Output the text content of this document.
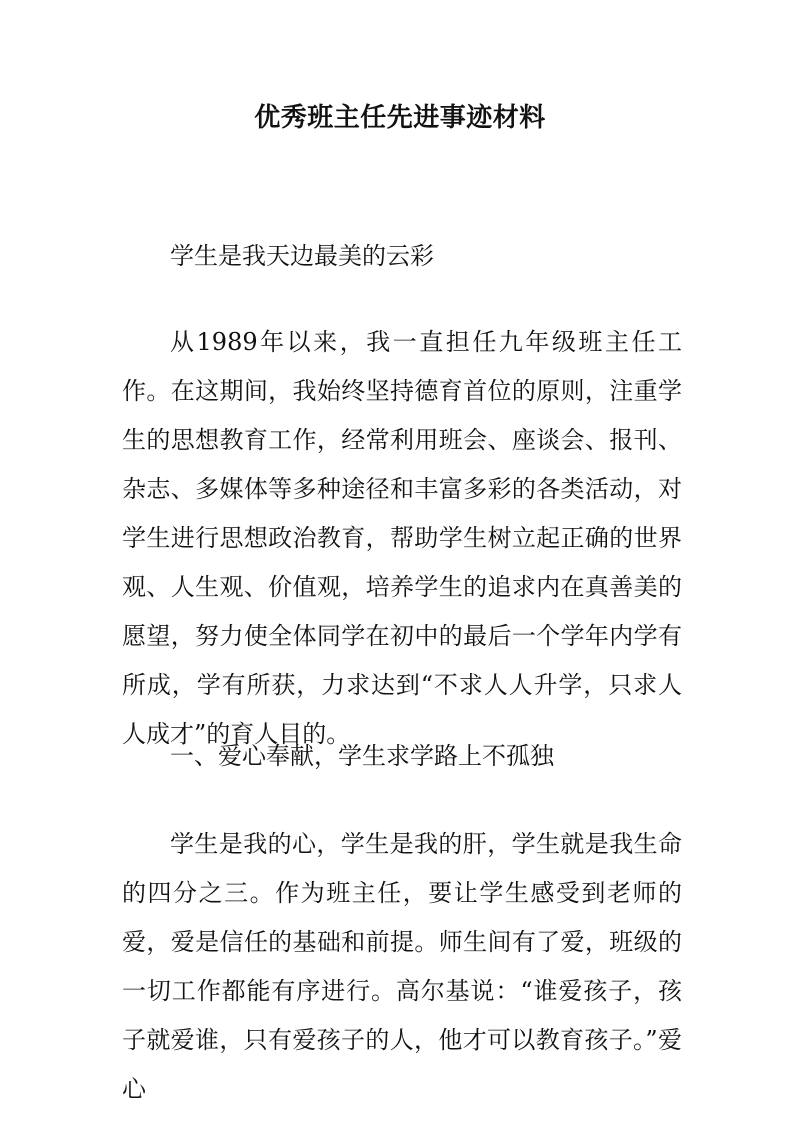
优秀班主任先进事迹材料

学生是我天边最美的云彩

从1989年以来，我一直担任九年级班主任工作。在这期间，我始终坚持德育首位的原则，注重学生的思想教育工作，经常利用班会、座谈会、报刊、杂志、多媒体等多种途径和丰富多彩的各类活动，对学生进行思想政治教育，帮助学生树立起正确的世界观、人生观、价值观，培养学生的追求内在真善美的愿望，努力使全体同学在初中的最后一个学年内学有所成，学有所获，力求达到“不求人人升学，只求人人成才”的育人目的。

一、爱心奉献，学生求学路上不孤独

学生是我的心，学生是我的肝，学生就是我生命的四分之三。作为班主任，要让学生感受到老师的爱，爱是信任的基础和前提。师生间有了爱，班级的一切工作都能有序进行。高尔基说：“谁爱孩子，孩子就爱谁，只有爱孩子的人，他才可以教育孩子。”爱心
